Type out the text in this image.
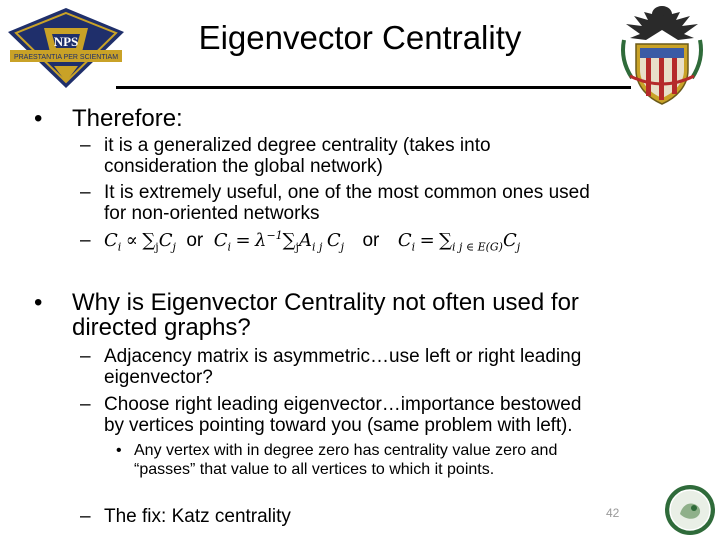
Eigenvector Centrality
NPS
PRAESTANTIA PER SCIENTIAM
• Therefore:
– it is a generalized degree centrality (takes into
consideration the global network)
– It is extremely useful, one of the most common ones used
for non-oriented networks
– $C_i \propto \sum_jC_j$ or $C_i = \lambda^{-1}\sum_jA_{i j}$ $C_j$ or $C_i = \sum_{i j \in E(G)}C_j$
• Why is Eigenvector Centrality not often used for
directed graphs?
– Adjacency matrix is asymmetric…use left or right leading
eigenvector?
– Choose right leading eigenvector…importance bestowed
by vertices pointing toward you (same problem with left).
• Any vertex with in degree zero has centrality value zero and
“passes” that value to all vertices to which it points.
– The fix: Katz centrality	42
